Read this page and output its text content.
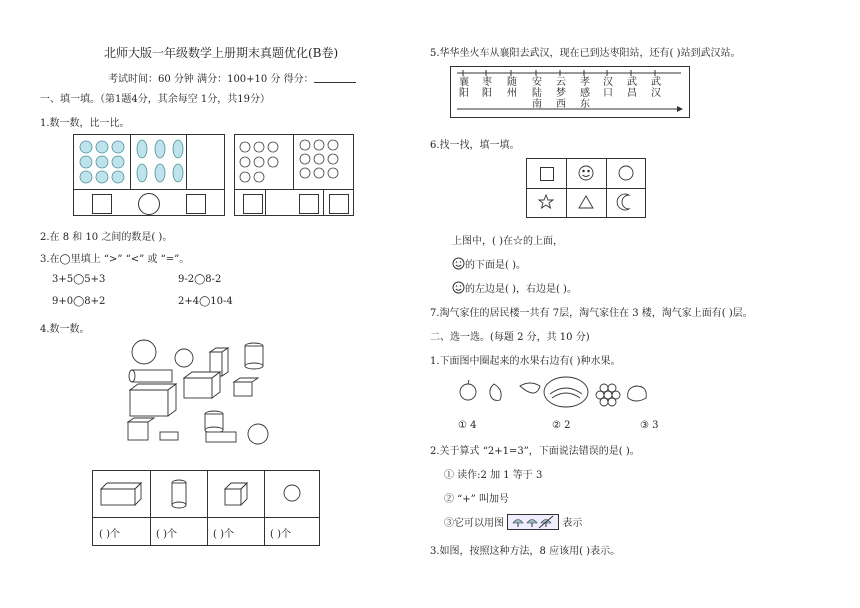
北师大版一年级数学上册期末真题优化(B卷)
考试时间：60 分钟 满分：100+10 分 得分：
一、填一填。（第1题4分，其余每空 1分，共19分）
1.数一数，比一比。
2.在 8 和 10 之间的数是( )。
3.在◯里填上 “>” “<” 或 “=”。
3+5◯5+3	9-2◯8-2
9+0◯8+2	2+4◯10-4
4.数一数。
( )个	( )个	( )个	( )个
5.华华坐火车从襄阳去武汉，现在已到达枣阳站，还有( )站到武汉站。
襄
阳
枣
阳
随
州
安
陆
南
云
梦
西
孝
感
东
汉
口
武
昌
武
汉
6.找一找，填一填。
上图中，( )在☆的上面，
的下面是( )。
的左边是( )，右边是( )。
7.淘气家住的居民楼一共有 7层，淘气家住在 3 楼，淘气家上面有( )层。
二、选一选。(每题 2 分，共 10 分)
1.下面图中圈起来的水果右边有( )种水果。
① 4	② 2	③ 3
2.关于算式 “2+1=3”，下面说法错误的是( )。
① 读作:2 加 1 等于 3
② “+” 叫加号
③它可以用图	表示
3.如图，按照这种方法，8 应该用( )表示。
